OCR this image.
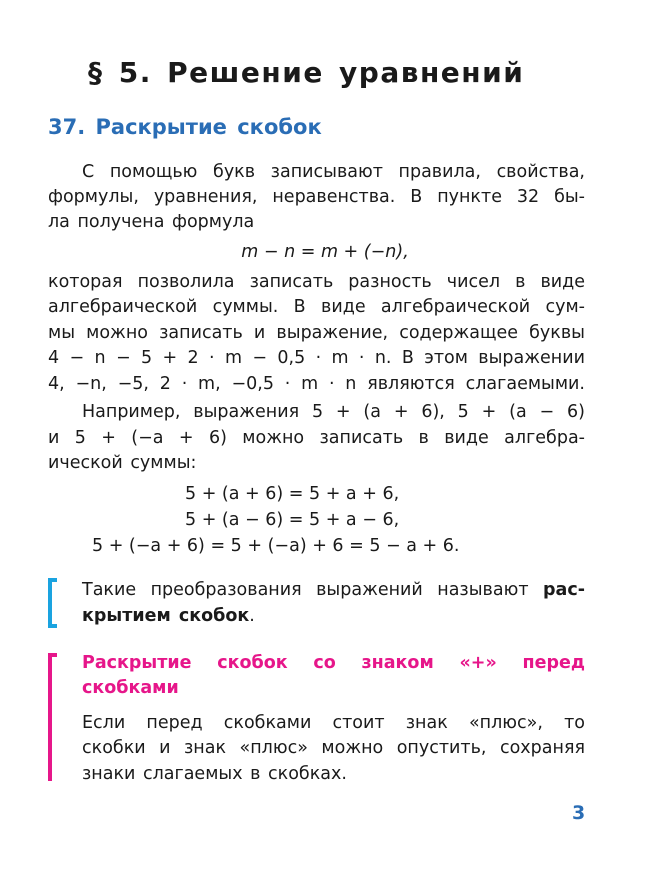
§ 5. Решение уравнений
37. Раскрытие скобок
С помощью букв записывают правила, свойства,
формулы, уравнения, неравенства. В пункте 32 бы-
ла получена формула
m − n = m + (−n),
которая позволила записать разность чисел в виде
алгебраической суммы. В виде алгебраической сум-
мы можно записать и выражение, содержащее буквы
4 − n − 5 + 2 · m − 0,5 · m · n. В этом выражении
4, −n, −5, 2 · m, −0,5 · m · n являются слагаемыми.
Например, выражения 5 + (a + 6), 5 + (a − 6)
и 5 + (−a + 6) можно записать в виде алгебра-
ической суммы:
5 + (a + 6) = 5 + a + 6,
5 + (a − 6) = 5 + a − 6,
5 + (−a + 6) = 5 + (−a) + 6 = 5 − a + 6.
Такие преобразования выражений называют рас-
крытием скобок.
Раскрытие скобок со знаком «+» перед
скобками
Если перед скобками стоит знак «плюс», то
скобки и знак «плюс» можно опустить, сохраняя
знаки слагаемых в скобках.
3
